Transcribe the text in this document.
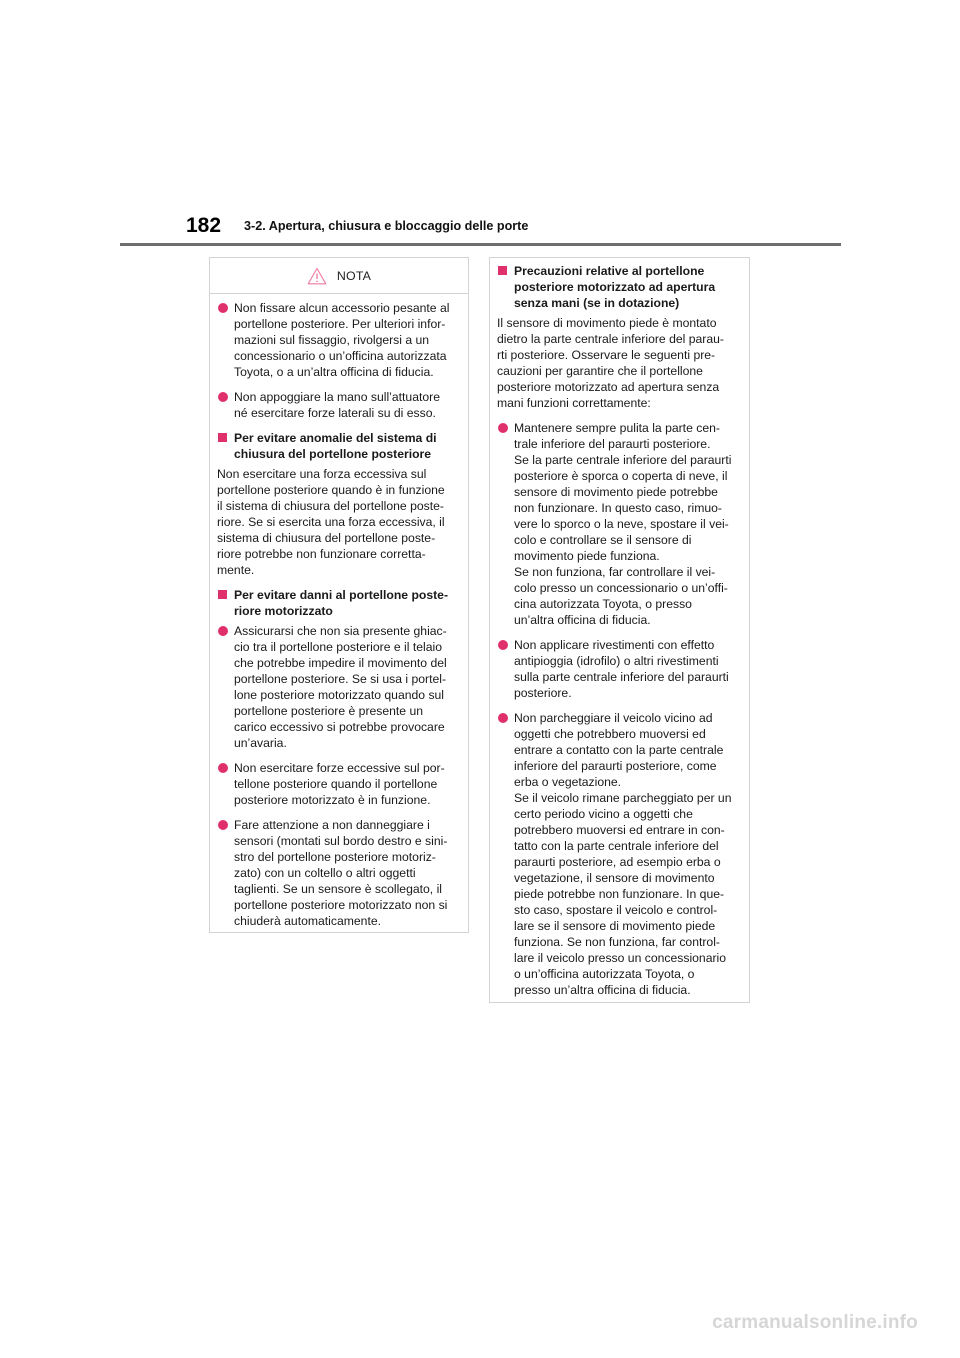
182 3-2. Apertura, chiusura e bloccaggio delle porte
NOTA
Non fissare alcun accessorio pesante al
portellone posteriore. Per ulteriori infor-
mazioni sul fissaggio, rivolgersi a un
concessionario o un’officina autorizzata
Toyota, o a un’altra officina di fiducia.
Non appoggiare la mano sull’attuatore
né esercitare forze laterali su di esso.
Per evitare anomalie del sistema di
chiusura del portellone posteriore
Non esercitare una forza eccessiva sul
portellone posteriore quando è in funzione
il sistema di chiusura del portellone poste-
riore. Se si esercita una forza eccessiva, il
sistema di chiusura del portellone poste-
riore potrebbe non funzionare corretta-
mente.
Per evitare danni al portellone poste-
riore motorizzato
Assicurarsi che non sia presente ghiac-
cio tra il portellone posteriore e il telaio
che potrebbe impedire il movimento del
portellone posteriore. Se si usa i portel-
lone posteriore motorizzato quando sul
portellone posteriore è presente un
carico eccessivo si potrebbe provocare
un’avaria.
Non esercitare forze eccessive sul por-
tellone posteriore quando il portellone
posteriore motorizzato è in funzione.
Fare attenzione a non danneggiare i
sensori (montati sul bordo destro e sini-
stro del portellone posteriore motoriz-
zato) con un coltello o altri oggetti
taglienti. Se un sensore è scollegato, il
portellone posteriore motorizzato non si
chiuderà automaticamente.
Precauzioni relative al portellone
posteriore motorizzato ad apertura
senza mani (se in dotazione)
Il sensore di movimento piede è montato
dietro la parte centrale inferiore del parau-
rti posteriore. Osservare le seguenti pre-
cauzioni per garantire che il portellone
posteriore motorizzato ad apertura senza
mani funzioni correttamente:
Mantenere sempre pulita la parte cen-
trale inferiore del paraurti posteriore.
Se la parte centrale inferiore del paraurti
posteriore è sporca o coperta di neve, il
sensore di movimento piede potrebbe
non funzionare. In questo caso, rimuo-
vere lo sporco o la neve, spostare il vei-
colo e controllare se il sensore di
movimento piede funziona.
Se non funziona, far controllare il vei-
colo presso un concessionario o un’offi-
cina autorizzata Toyota, o presso
un’altra officina di fiducia.
Non applicare rivestimenti con effetto
antipioggia (idrofilo) o altri rivestimenti
sulla parte centrale inferiore del paraurti
posteriore.
Non parcheggiare il veicolo vicino ad
oggetti che potrebbero muoversi ed
entrare a contatto con la parte centrale
inferiore del paraurti posteriore, come
erba o vegetazione.
Se il veicolo rimane parcheggiato per un
certo periodo vicino a oggetti che
potrebbero muoversi ed entrare in con-
tatto con la parte centrale inferiore del
paraurti posteriore, ad esempio erba o
vegetazione, il sensore di movimento
piede potrebbe non funzionare. In que-
sto caso, spostare il veicolo e control-
lare se il sensore di movimento piede
funziona. Se non funziona, far control-
lare il veicolo presso un concessionario
o un’officina autorizzata Toyota, o
presso un’altra officina di fiducia.
carmanualsonline.info
